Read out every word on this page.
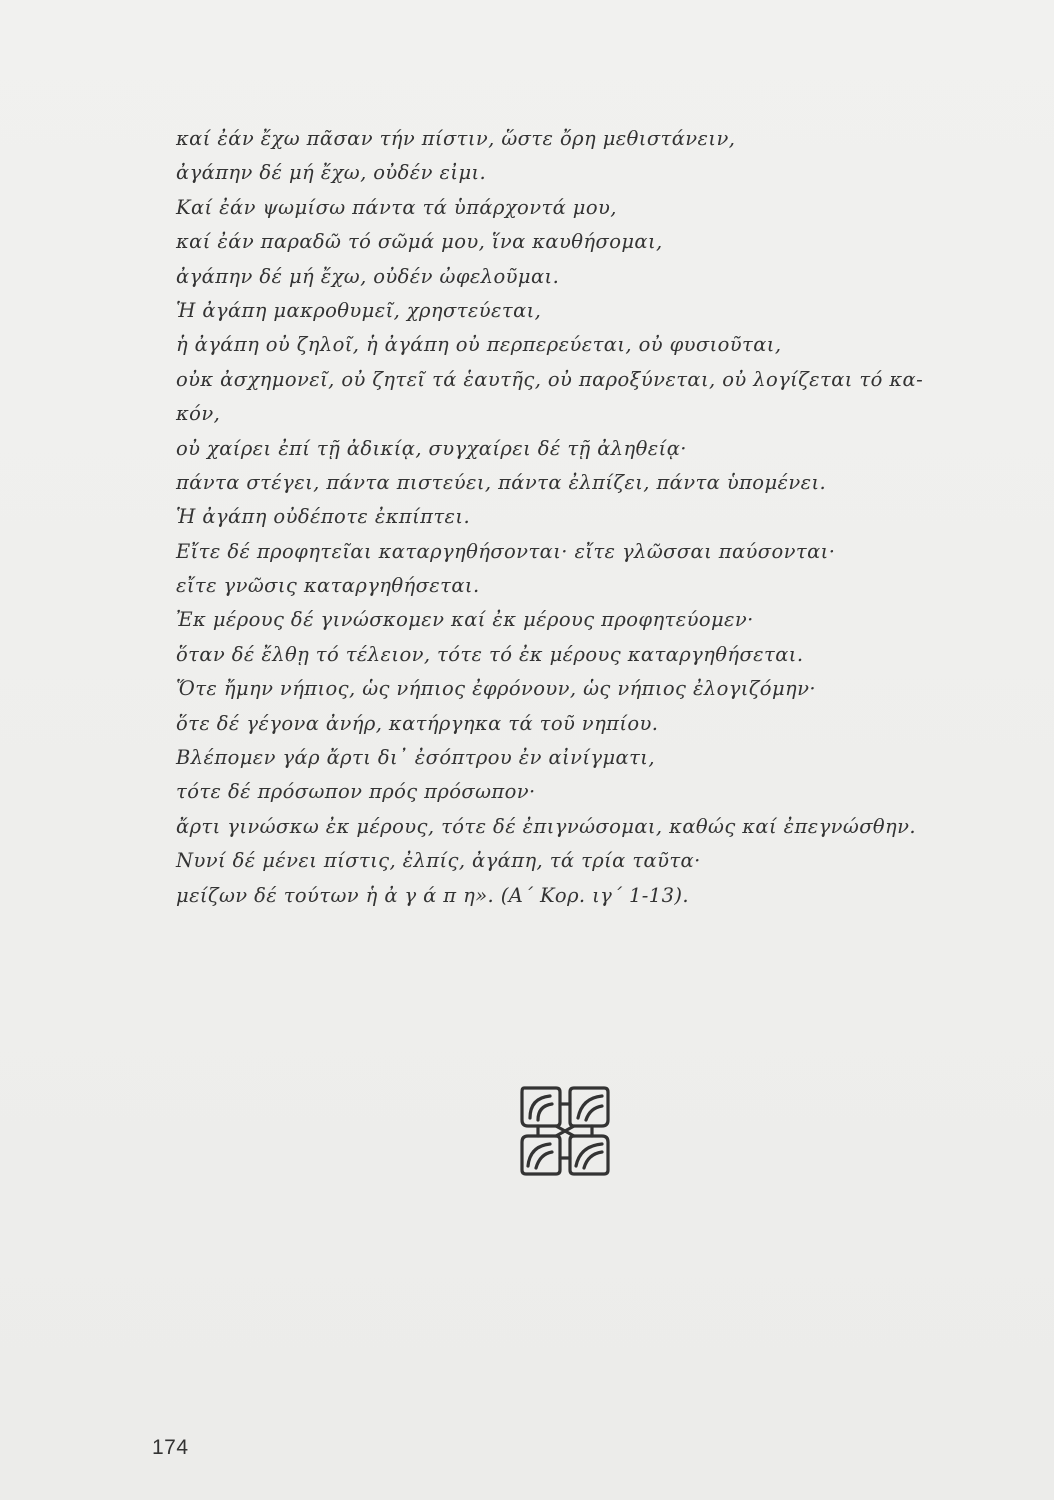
καί ἐάν ἔχω πᾶσαν τήν πίστιν, ὥστε ὄρη μεθιστάνειν,
ἀγάπην δέ μή ἔχω, οὐδέν εἰμι.
Καί ἐάν ψωμίσω πάντα τά ὑπάρχοντά μου,
καί ἐάν παραδῶ τό σῶμά μου, ἵνα καυθήσομαι,
ἀγάπην δέ μή ἔχω, οὐδέν ὠφελοῦμαι.
Ἡ ἀγάπη μακροθυμεῖ, χρηστεύεται,
ἡ ἀγάπη οὐ ζηλοῖ, ἡ ἀγάπη οὐ περπερεύεται, οὐ φυσιοῦται,
οὐκ ἀσχημονεῖ, οὐ ζητεῖ τά ἑαυτῆς, οὐ παροξύνεται, οὐ λογίζεται τό κα-
κόν,
οὐ χαίρει ἐπί τῇ ἀδικίᾳ, συγχαίρει δέ τῇ ἀληθείᾳ·
πάντα στέγει, πάντα πιστεύει, πάντα ἐλπίζει, πάντα ὑπομένει.
Ἡ ἀγάπη οὐδέποτε ἐκπίπτει.
Εἴτε δέ προφητεῖαι καταργηθήσονται· εἴτε γλῶσσαι παύσονται·
εἴτε γνῶσις καταργηθήσεται.
Ἐκ μέρους δέ γινώσκομεν καί ἐκ μέρους προφητεύομεν·
ὅταν δέ ἔλθῃ τό τέλειον, τότε τό ἐκ μέρους καταργηθήσεται.
Ὅτε ἤμην νήπιος, ὡς νήπιος ἐφρόνουν, ὡς νήπιος ἐλογιζόμην·
ὅτε δέ γέγονα ἀνήρ, κατήργηκα τά τοῦ νηπίου.
Βλέπομεν γάρ ἄρτι δι᾿ ἐσόπτρου ἐν αἰνίγματι,
τότε δέ πρόσωπον πρός πρόσωπον·
ἄρτι γινώσκω ἐκ μέρους, τότε δέ ἐπιγνώσομαι, καθώς καί ἐπεγνώσθην.
Νυνί δέ μένει πίστις, ἐλπίς, ἀγάπη, τά τρία ταῦτα·
μείζων δέ τούτων ἡ ἀ γ ά π η». (Α΄ Κορ. ιγ΄ 1-13).
174
